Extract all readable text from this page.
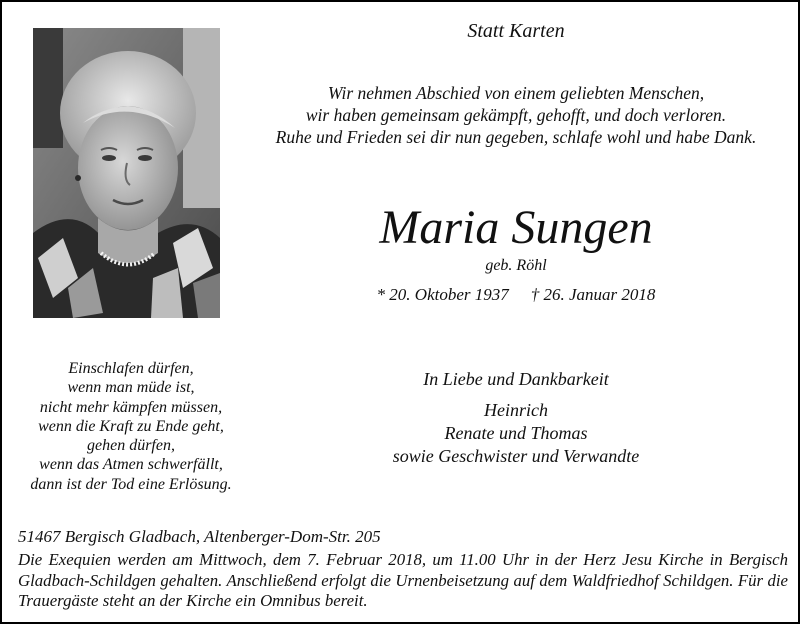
Statt Karten
Wir nehmen Abschied von einem geliebten Menschen,
wir haben gemeinsam gekämpft, gehofft, und doch verloren.
Ruhe und Frieden sei dir nun gegeben, schlafe wohl und habe Dank.
Maria Sungen
geb. Röhl
* 20. Oktober 1937 † 26. Januar 2018
Einschlafen dürfen,
wenn man müde ist,
nicht mehr kämpfen müssen,
wenn die Kraft zu Ende geht,
gehen dürfen,
wenn das Atmen schwerfällt,
dann ist der Tod eine Erlösung.
In Liebe und Dankbarkeit
Heinrich
Renate und Thomas
sowie Geschwister und Verwandte
51467 Bergisch Gladbach, Altenberger-Dom-Str. 205
Die Exequien werden am Mittwoch, dem 7. Februar 2018, um 11.00 Uhr in der Herz Jesu Kirche in Bergisch Gladbach-Schildgen gehalten. Anschließend erfolgt die Urnenbeisetzung auf dem Waldfriedhof Schildgen. Für die Trauergäste steht an der Kirche ein Omnibus bereit.
